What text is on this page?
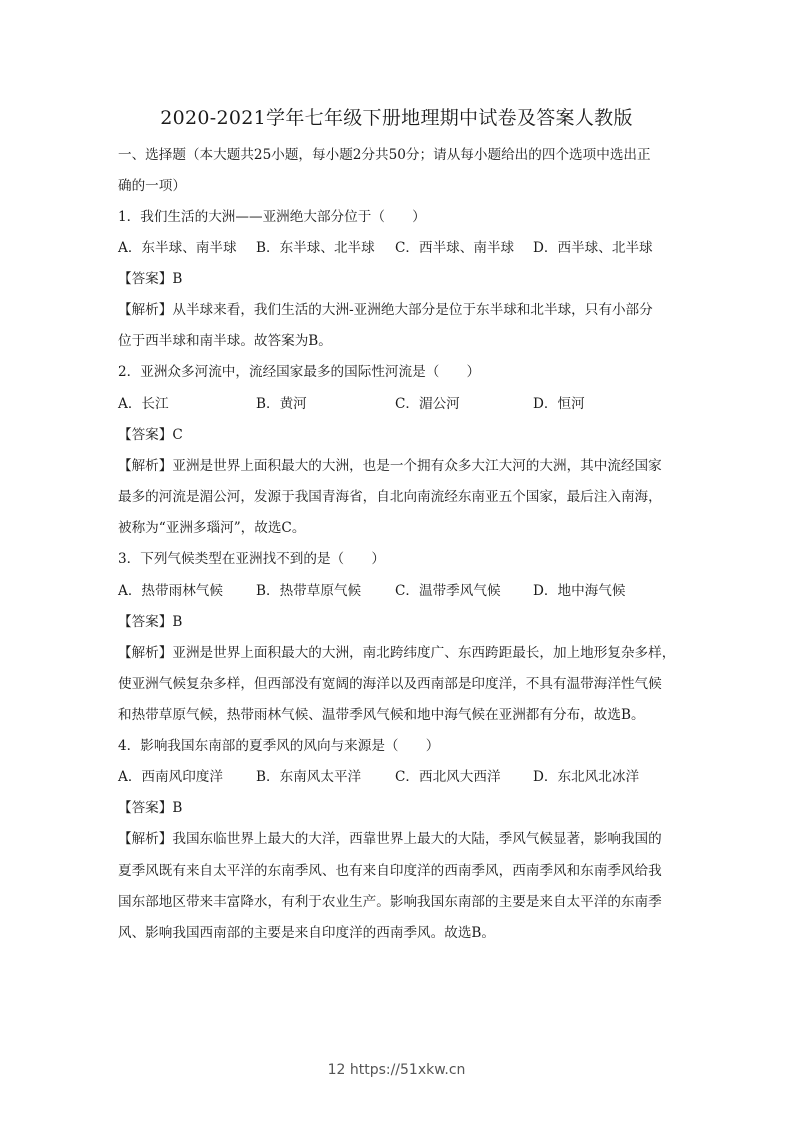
2020-2021学年七年级下册地理期中试卷及答案人教版
一、选择题（本大题共25小题，每小题2分共50分；请从每小题给出的四个选项中选出正
确的一项）
1．我们生活的大洲——亚洲绝大部分位于（　　）
A．东半球、南半球 B．东半球、北半球 C．西半球、南半球 D．西半球、北半球
【答案】B
【解析】从半球来看，我们生活的大洲-亚洲绝大部分是位于东半球和北半球，只有小部分
位于西半球和南半球。故答案为B。
2．亚洲众多河流中，流经国家最多的国际性河流是（　　）
A．长江	B．黄河	C．湄公河	D．恒河
【答案】C
【解析】亚洲是世界上面积最大的大洲，也是一个拥有众多大江大河的大洲，其中流经国家
最多的河流是湄公河，发源于我国青海省，自北向南流经东南亚五个国家，最后注入南海，
被称为“亚洲多瑙河”，故选C。
3．下列气候类型在亚洲找不到的是（　　）
A．热带雨林气候 B．热带草原气候 C．温带季风气候 D．地中海气候
【答案】B
【解析】亚洲是世界上面积最大的大洲，南北跨纬度广、东西跨距最长，加上地形复杂多样，
使亚洲气候复杂多样，但西部没有宽阔的海洋以及西南部是印度洋，不具有温带海洋性气候
和热带草原气候，热带雨林气候、温带季风气候和地中海气候在亚洲都有分布，故选B。
4．影响我国东南部的夏季风的风向与来源是（　　）
A．西南风印度洋 B．东南风太平洋 C．西北风大西洋 D．东北风北冰洋
【答案】B
【解析】我国东临世界上最大的大洋，西靠世界上最大的大陆，季风气候显著，影响我国的
夏季风既有来自太平洋的东南季风、也有来自印度洋的西南季风，西南季风和东南季风给我
国东部地区带来丰富降水，有利于农业生产。影响我国东南部的主要是来自太平洋的东南季
风、影响我国西南部的主要是来自印度洋的西南季风。故选B。
12 https://51xkw.cn
